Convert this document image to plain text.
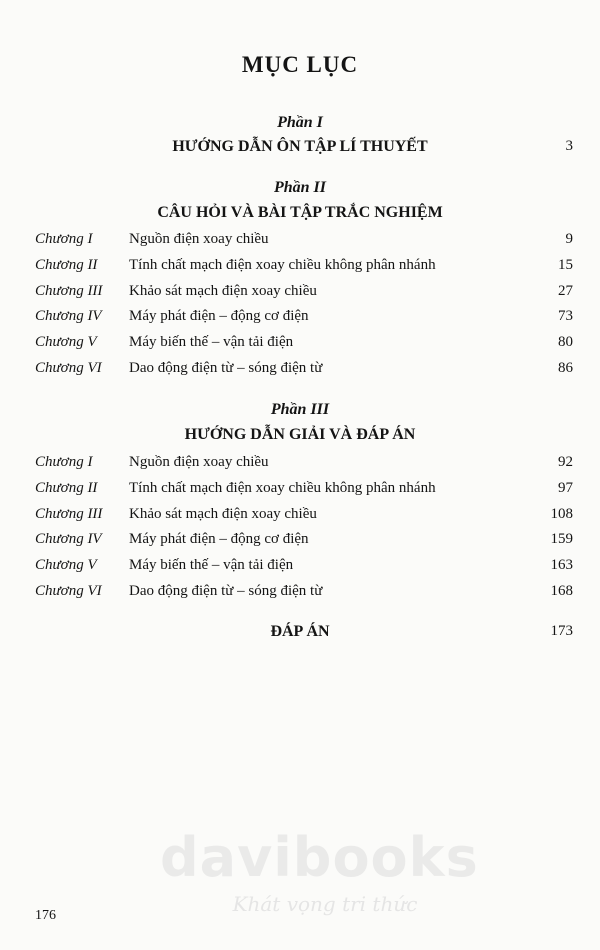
MỤC LỤC
Phần I
HƯỚNG DẪN ÔN TẬP LÍ THUYẾT	3
Phần II
CÂU HỎI VÀ BÀI TẬP TRẮC NGHIỆM
Chương I Nguồn điện xoay chiều	9
Chương II Tính chất mạch điện xoay chiều không phân nhánh	15
Chương III Khảo sát mạch điện xoay chiều	27
Chương IV Máy phát điện – động cơ điện	73
Chương V Máy biến thế – vận tải điện	80
Chương VI Dao động điện từ – sóng điện từ	86
Phần III
HƯỚNG DẪN GIẢI VÀ ĐÁP ÁN
Chương I Nguồn điện xoay chiều	92
Chương II Tính chất mạch điện xoay chiều không phân nhánh	97
Chương III Khảo sát mạch điện xoay chiều	108
Chương IV Máy phát điện – động cơ điện	159
Chương V Máy biến thế – vận tải điện	163
Chương VI Dao động điện từ – sóng điện từ	168
ĐÁP ÁN	173
davibooks
Khát vọng tri thức
176
